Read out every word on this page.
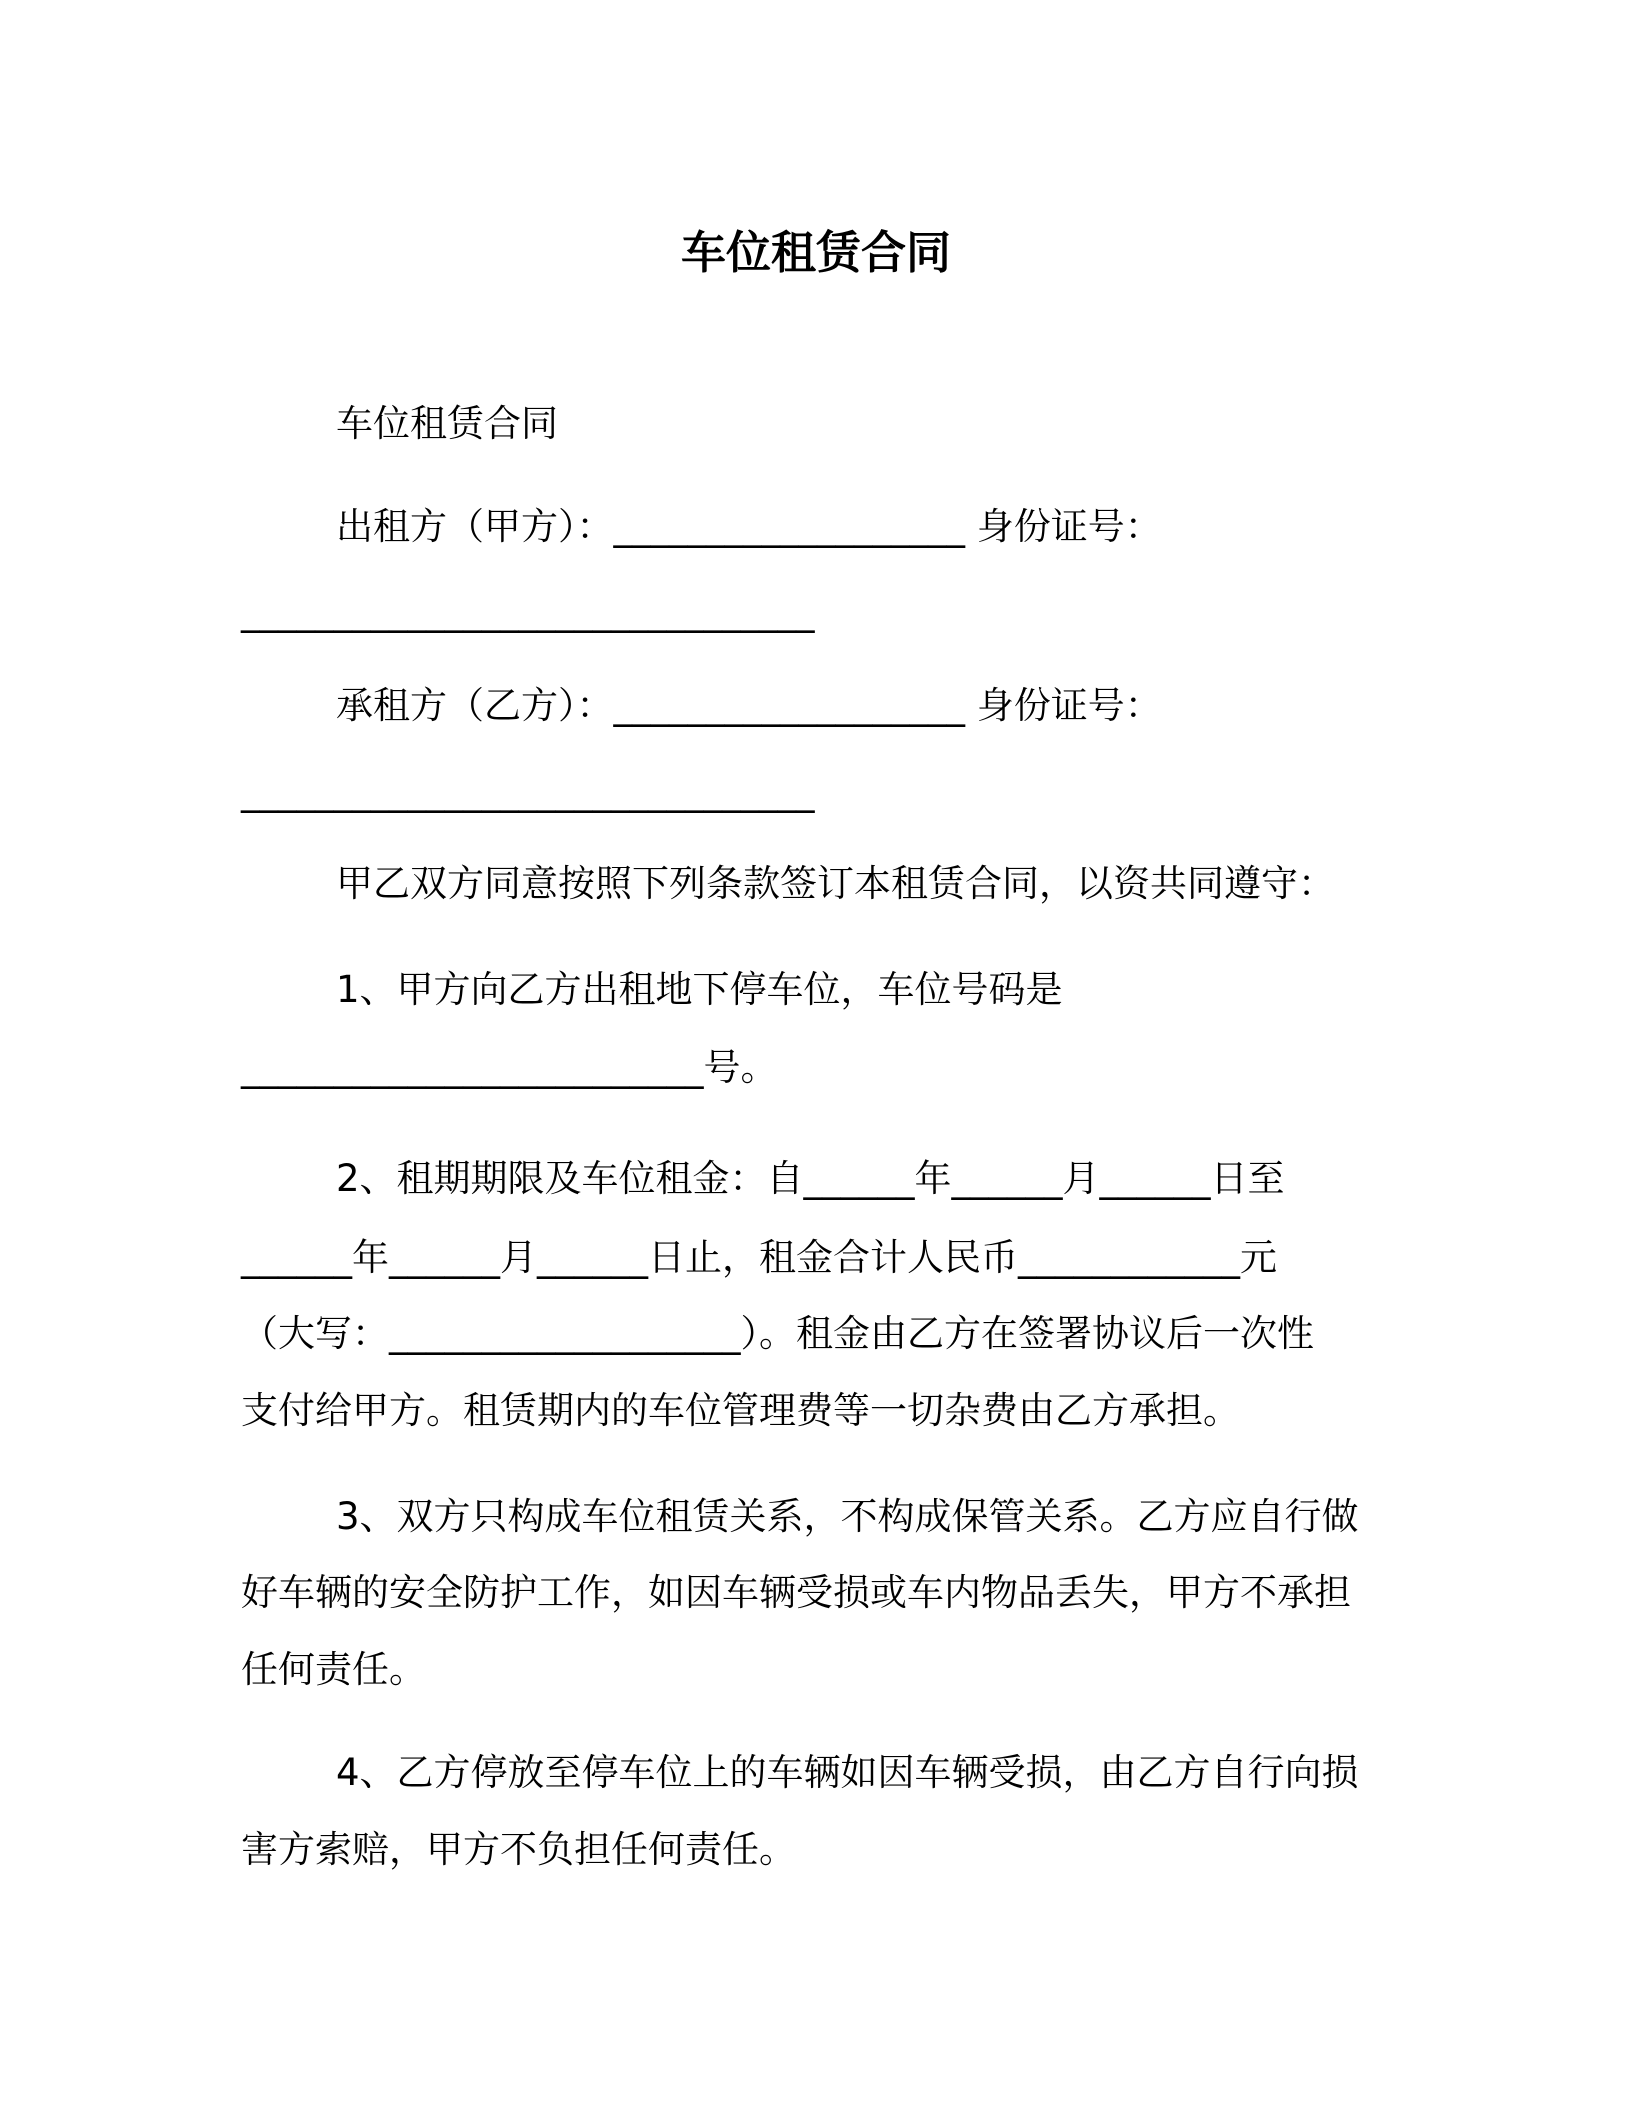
车位租赁合同
车位租赁合同
出租方（甲方）：___________________ 身份证号：
_______________________________
承租方（乙方）：___________________ 身份证号：
_______________________________
甲乙双方同意按照下列条款签订本租赁合同，以资共同遵守：
1、甲方向乙方出租地下停车位，车位号码是
_________________________号。
2、租期期限及车位租金：自______年______月______日至
______年______月______日止，租金合计人民币____________元
（大写：___________________）。租金由乙方在签署协议后一次性
支付给甲方。租赁期内的车位管理费等一切杂费由乙方承担。
3、双方只构成车位租赁关系，不构成保管关系。乙方应自行做
好车辆的安全防护工作，如因车辆受损或车内物品丢失，甲方不承担
任何责任。
4、乙方停放至停车位上的车辆如因车辆受损，由乙方自行向损
害方索赔，甲方不负担任何责任。
